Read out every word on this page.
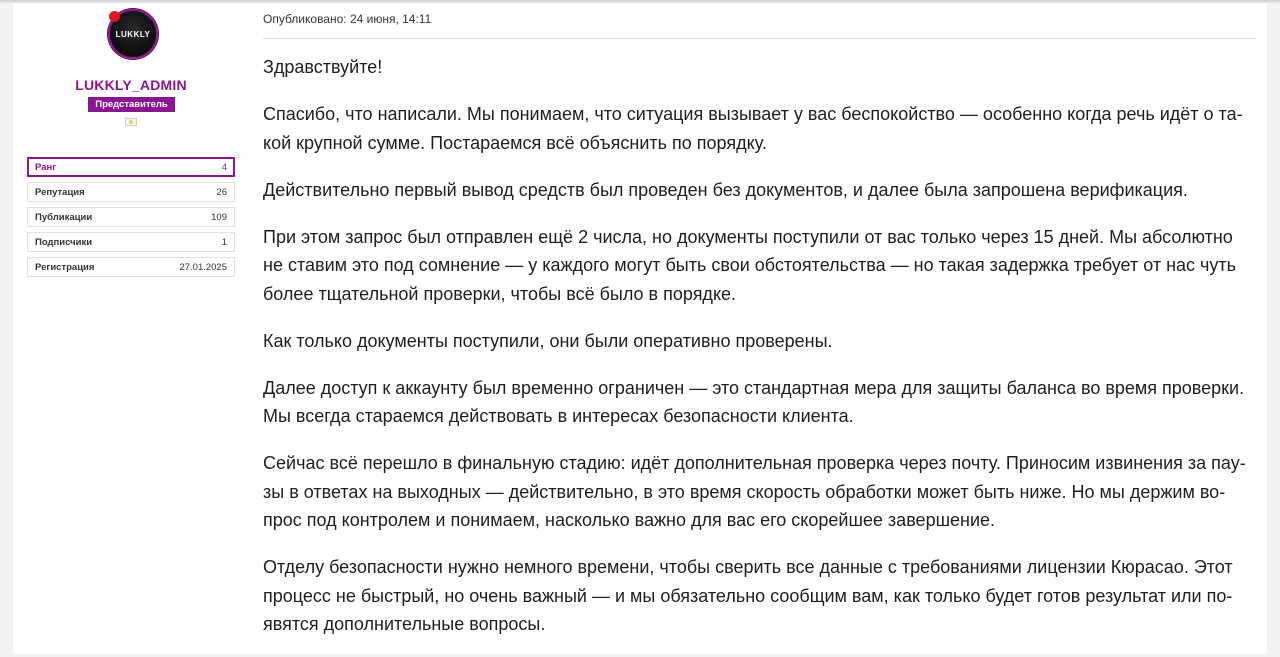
LUKKLY
LUKKLY_ADMIN
Представитель
Ранг	4
Репутация	26
Публикации	109
Подписчики	1
Регистрация	27.01.2025
Опубликовано: 24 июня, 14:11

Здравствуйте!

Спасибо, что написали. Мы понимаем, что ситуация вызывает у вас беспокойство — особенно когда речь идёт о та-
кой крупной сумме. Постараемся всё объяснить по порядку.

Действительно первый вывод средств был проведен без документов, и далее была запрошена верификация.

При этом запрос был отправлен ещё 2 числа, но документы поступили от вас только через 15 дней. Мы абсолютно
не ставим это под сомнение — у каждого могут быть свои обстоятельства — но такая задержка требует от нас чуть
более тщательной проверки, чтобы всё было в порядке.

Как только документы поступили, они были оперативно проверены.

Далее доступ к аккаунту был временно ограничен — это стандартная мера для защиты баланса во время проверки.
Мы всегда стараемся действовать в интересах безопасности клиента.

Сейчас всё перешло в финальную стадию: идёт дополнительная проверка через почту. Приносим извинения за пау-
зы в ответах на выходных — действительно, в это время скорость обработки может быть ниже. Но мы держим во-
прос под контролем и понимаем, насколько важно для вас его скорейшее завершение.

Отделу безопасности нужно немного времени, чтобы сверить все данные с требованиями лицензии Кюрасао. Этот
процесс не быстрый, но очень важный — и мы обязательно сообщим вам, как только будет готов результат или по-
явятся дополнительные вопросы.
